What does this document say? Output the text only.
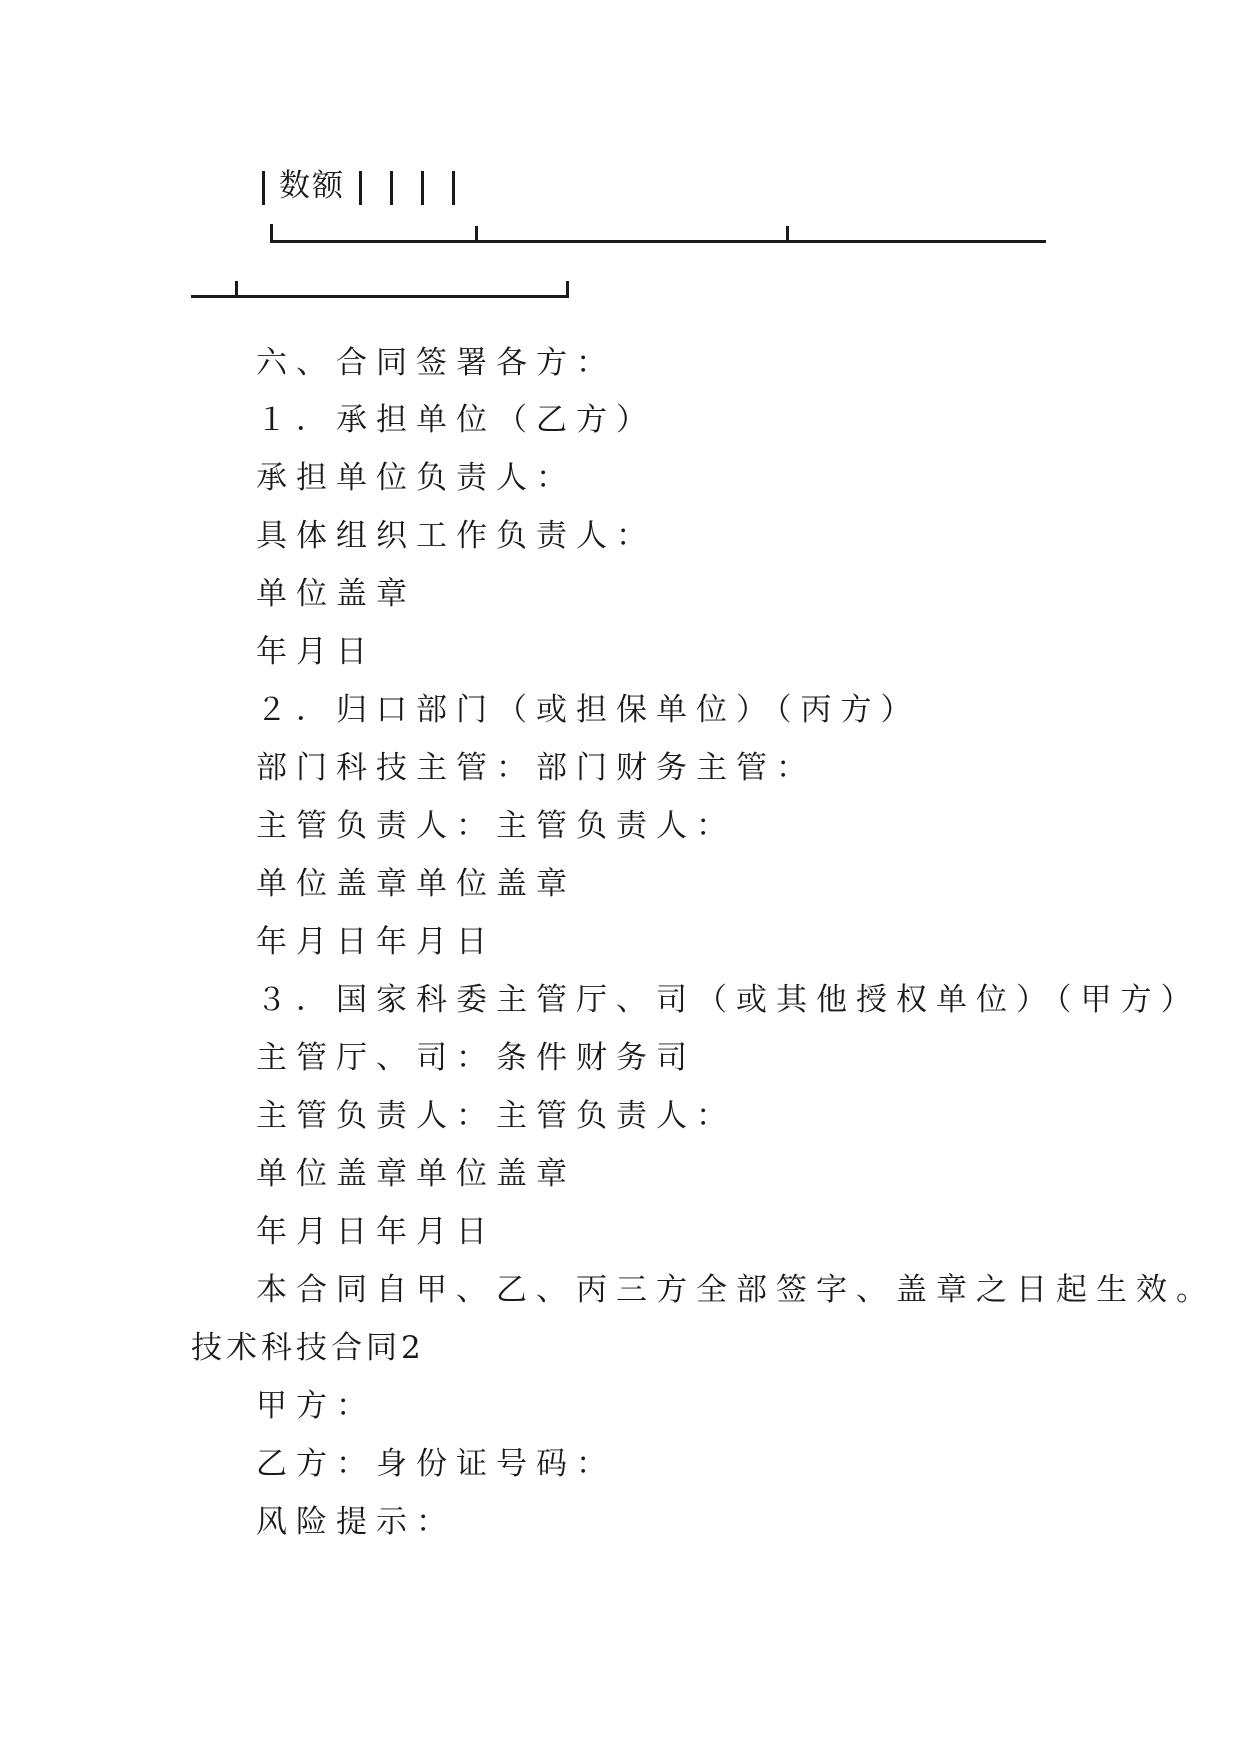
数额
六、合同签署各方：
１．承担单位（乙方）
承担单位负责人：
具体组织工作负责人：
单位盖章
年月日
２．归口部门（或担保单位）（丙方）
部门科技主管：部门财务主管：
主管负责人：主管负责人：
单位盖章单位盖章
年月日年月日
３．国家科委主管厅、司（或其他授权单位）（甲方）
主管厅、司：条件财务司
主管负责人：主管负责人：
单位盖章单位盖章
年月日年月日
本合同自甲、乙、丙三方全部签字、盖章之日起生效。
技术科技合同2
甲方：
乙方：身份证号码：
风险提示：
